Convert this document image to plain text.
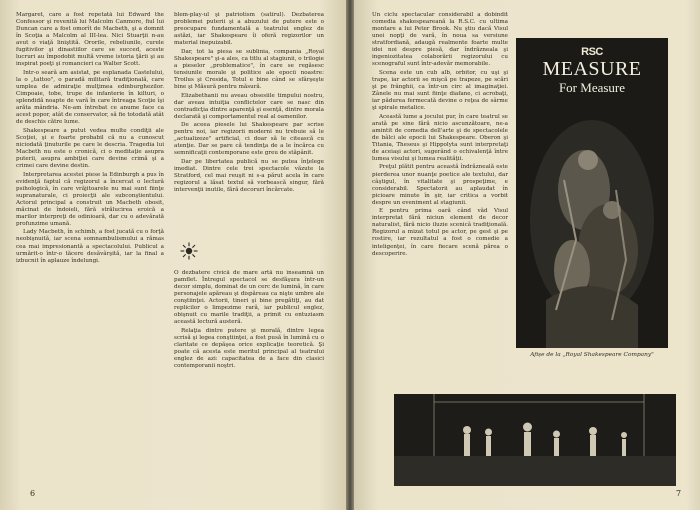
Margaret, care a fost repetată lui Edward the Confessor şi revenită lui Malcolm Canmore, fiul lui Duncan care a fost omorît de Macbeth, şi a domnit în Scoţia a Malcolm al III-lea. Nici Stuarţii n-au avut o viaţă liniştită. Ororile, rebeliunile, curele fugitivilor şi dinastiilor care se succed, aceste lucruri au împodobit multă vreme istoria ţării şi au inspirat poeţi şi romancieri ca Walter Scott.

Intr-o seară am asistat, pe esplanada Castelului, la o „tattoo", o paradă militară tradiţională, care umplea de admiraţie mulţimea edinburghezilor. Cimpoaie, tobe, trupe de infanterie în kilturi, o splendidă noapte de vară în care întreaga Scoţie îşi arăta mândria. Ne-am întrebat ce anume face ca acest popor, atât de conservator, să fie totodată atât de deschis către lume.

Shakespeare a putut vedea multe condiţii ale Scoţiei, şi e foarte probabil că nu a cunoscut niciodată ţinuturile pe care le descria. Tragedia lui Macbeth nu este o cronică, ci o meditaţie asupra puterii, asupra ambiţiei care devine crimă şi a crimei care devine destin.

Interpretarea acestei piese la Edinburgh a pus în evidenţă faptul că regizorul a încercat o lectură psihologică, în care vrăjitoarele nu mai sunt fiinţe supranaturale, ci proiecţii ale subconştientului. Actorul principal a construit un Macbeth obosit, măcinat de îndoieli, fără strălucirea eroică a marilor interpreţi de odinioară, dar cu o adevărată profunzime umană.

Lady Macbeth, în schimb, a fost jucată cu o forţă neobişnuită, iar scena somnambulismului a rămas cea mai impresionantă a spectacolului. Publicul a urmărit-o într-o tăcere desăvârşită, iar la final a izbucnit în aplauze îndelungi.

blem-play-ul şi patriotism (satirul). Dezbaterea problemei puterii şi a abuzului de putere este o preocupare fundamentală a teatrului englez de astăzi, iar Shakespeare îi oferă regizorilor un material inepuizabil.

Dar, tot la piesa se sublinia, compania „Royal Shakespeare" şi-a ales, ca titlu al stagiunii, o trilogie a pieselor „problematice", în care se regăsesc tensiunile morale şi politice ale epocii noastre: Troilus şi Cresida, Totul e bine când se sfârşeşte bine şi Măsură pentru măsură.

Elizabethanii nu aveau obsesiile timpului nostru, dar aveau intuiţia conflictelor care se nasc din contradicţia dintre aparenţă şi esenţă, dintre morala declarată şi comportamentul real al oamenilor.

De aceea piesele lui Shakespeare par scrise pentru noi, iar regizorii moderni nu trebuie să le „actualizeze" artificial, ci doar să le citească cu atenţie. Dar se pare că tendinţa de a le încărca cu semnificaţii contemporane este greu de stăpânit.

Dar pe libertatea publică nu se putea înţelege imediat. Dintre cele trei spectacole văzute la Stratford, cel mai reuşit ni s-a părut acela în care regizorul a lăsat textul să vorbească singur, fără intervenţii inutile, fără decoruri încărcate.

O dezbatere civică de mare artă nu înseamnă un pamflet. Întregul spectacol se desfăşura într-un decor simplu, dominat de un cerc de lumină, în care personajele apăreau şi dispăreau ca nişte umbre ale conştiinţei. Actorii, tineri şi bine pregătiţi, au dat replicilor o limpezime rară, iar publicul englez, obişnuit cu marile tradiţii, a primit cu entuziasm această lectură austeră.

Relaţia dintre putere şi morală, dintre legea scrisă şi legea conştiinţei, a fost pusă în lumină cu o claritate ce depăşea orice explicaţie teoretică. Şi poate că acesta este meritul principal al teatrului englez de azi: capacitatea de a face din clasici contemporanii noştri.

6

Un ciclu spectacular considerabil a dobîndit comedia shakespeareană la R.S.C. cu ultima montare a lui Peter Brook. Nu ştiu dacă Visul unei nopţi de vară, în noua sa versiune stratfordiană, adaugă realmente foarte multe idei noi despre piesă, dar îndrăzneala şi ingeniozitatea colaborării regizorului cu scenograful sunt într-adevăr memorabile.

Scena este un cub alb, orbitor, cu uşi şi trape, iar actorii se mişcă pe trapeze, pe scări şi pe frânghii, ca într-un circ al imaginaţiei. Zânele nu mai sunt fiinţe diafane, ci acrobaţi, iar pădurea fermecată devine o reţea de sârme şi spirale metalice.

Această lume a jocului pur, în care teatrul se arată pe sine fără nicio ascunzătoare, ne-a amintit de comedia dell'arte şi de spectacolele de bâlci ale epocii lui Shakespeare. Oberon şi Titania, Theseus şi Hippolyta sunt interpretaţi de aceiaşi actori, sugerând o echivalenţă între lumea visului şi lumea realităţii.

Preţul plătit pentru această îndrăzneală este pierderea unor nuanţe poetice ale textului, dar câştigul, în vitalitate şi prospeţime, e considerabil. Spectatorii au aplaudat în picioare minute în şir, iar critica a vorbit despre un eveniment al stagiunii.

E pentru prima oară când văd Visul interpretat fără niciun element de decor naturalist, fără nicio iluzie scenică tradiţională. Regizorul a mizat totul pe actor, pe gest şi pe rostire, iar rezultatul a fost o comedie a inteligenţei, în care fiecare scenă părea o descoperire.

RSC
MEASURE
For Measure
Afișe de la „Royal Shakespeare Company"
7
